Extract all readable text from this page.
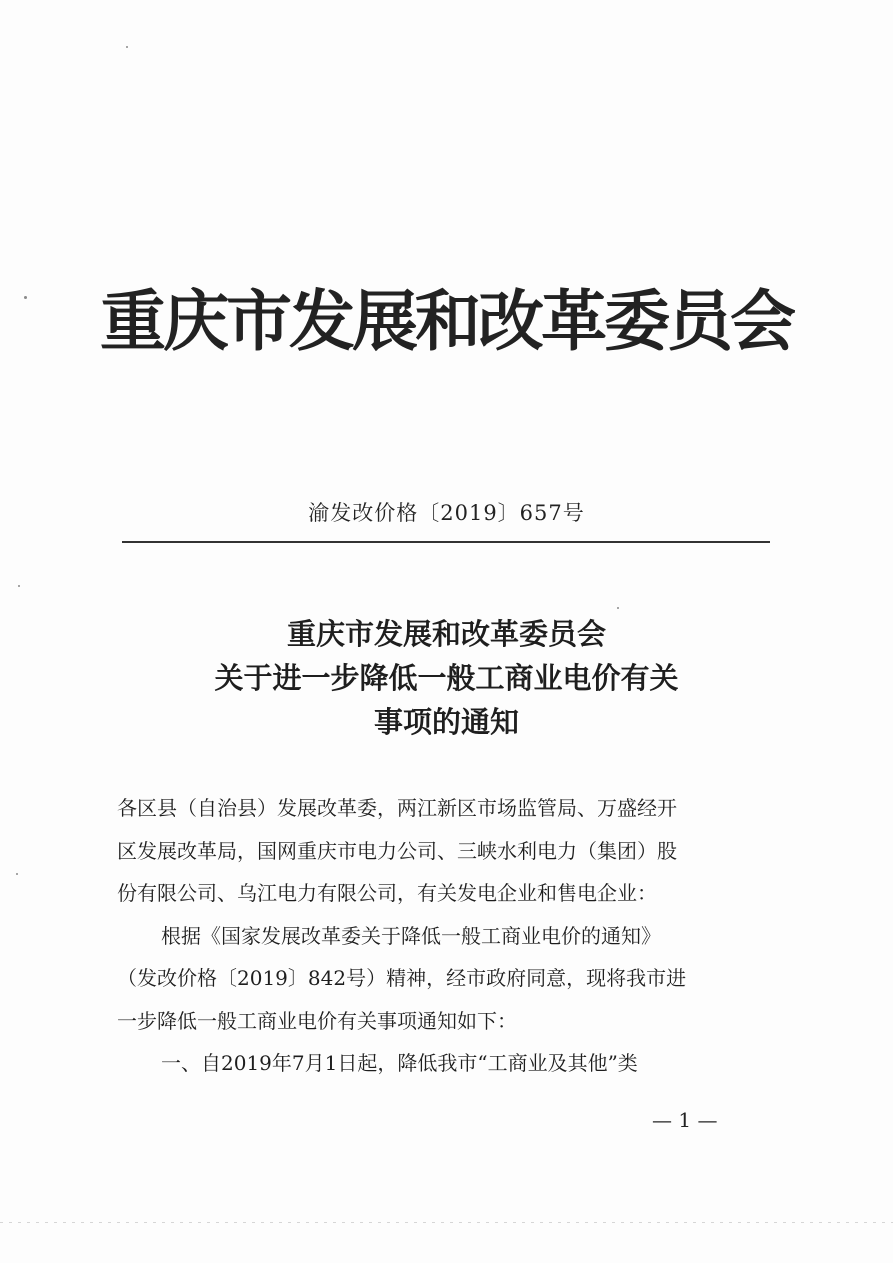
重庆市发展和改革委员会
渝发改价格〔2019〕657号
重庆市发展和改革委员会
关于进一步降低一般工商业电价有关
事项的通知
各区县（自治县）发展改革委，两江新区市场监管局、万盛经开
区发展改革局，国网重庆市电力公司、三峡水利电力（集团）股
份有限公司、乌江电力有限公司，有关发电企业和售电企业：
根据《国家发展改革委关于降低一般工商业电价的通知》
（发改价格〔2019〕842号）精神，经市政府同意，现将我市进
一步降低一般工商业电价有关事项通知如下：
一、自2019年7月1日起，降低我市“工商业及其他”类
— 1 —
